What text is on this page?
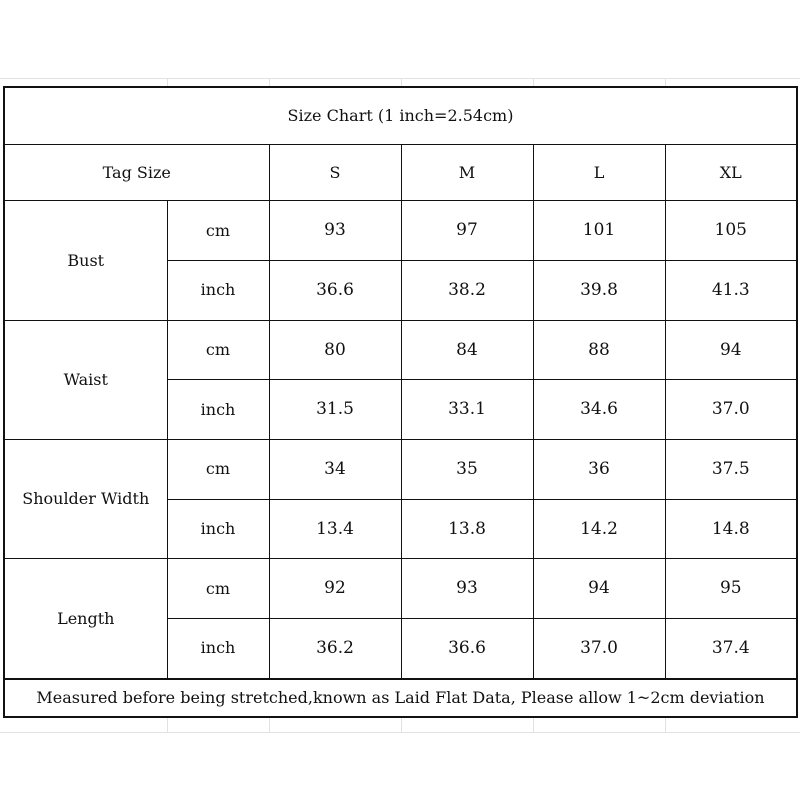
Size Chart (1 inch=2.54cm)					
Tag Size		S	M	L	XL
Bust	cm	93	97	101	105
	inch	36.6	38.2	39.8	41.3
Waist	cm	80	84	88	94
	inch	31.5	33.1	34.6	37.0
Shoulder Width	cm	34	35	36	37.5
	inch	13.4	13.8	14.2	14.8
Length	cm	92	93	94	95
	inch	36.2	36.6	37.0	37.4
Measured before being stretched,known as Laid Flat Data, Please allow 1~2cm deviation					
